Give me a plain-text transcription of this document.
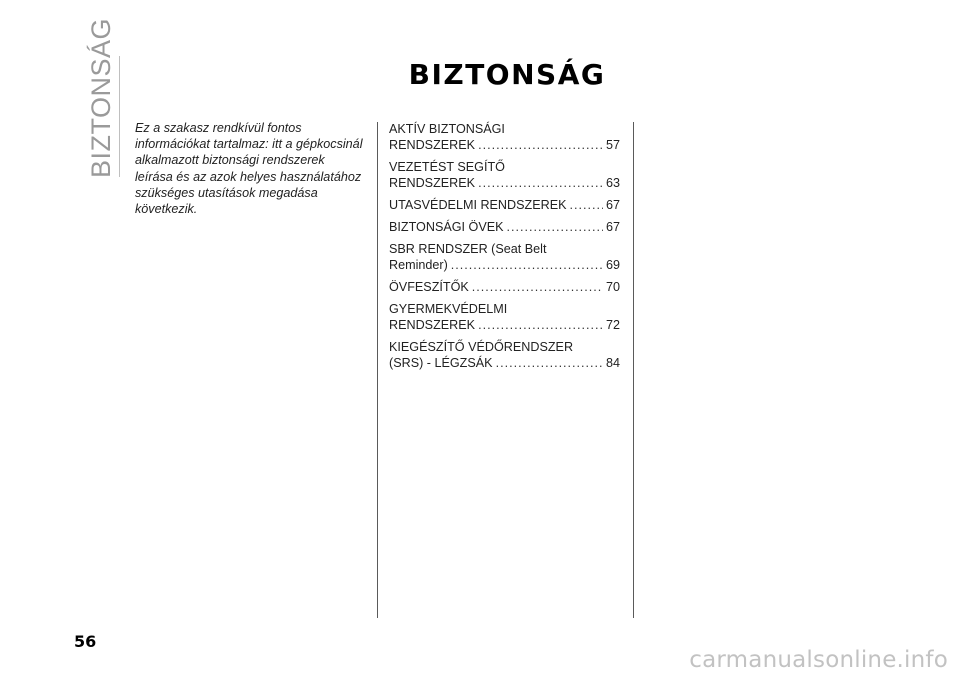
BIZTONSÁG	BIZTONSÁG
Ez a szakasz rendkívül fontos információkat tartalmaz: itt a gépkocsinál alkalmazott biztonsági rendszerek leírása és az azok helyes használatához szükséges utasítások megadása következik.
AKTÍV BIZTONSÁGI
RENDSZEREK .....	57
VEZETÉST SEGÍTŐ
RENDSZEREK .....	63
UTASVÉDELMI RENDSZEREK .....	67
BIZTONSÁGI ÖVEK .....	67
SBR RENDSZER (Seat Belt
Reminder) .....	69
ÖVFESZÍTŐK .....	70
GYERMEKVÉDELMI
RENDSZEREK .....	72
KIEGÉSZÍTŐ VÉDŐRENDSZER
(SRS) - LÉGZSÁK .....	84
56
carmanualsonline.info
